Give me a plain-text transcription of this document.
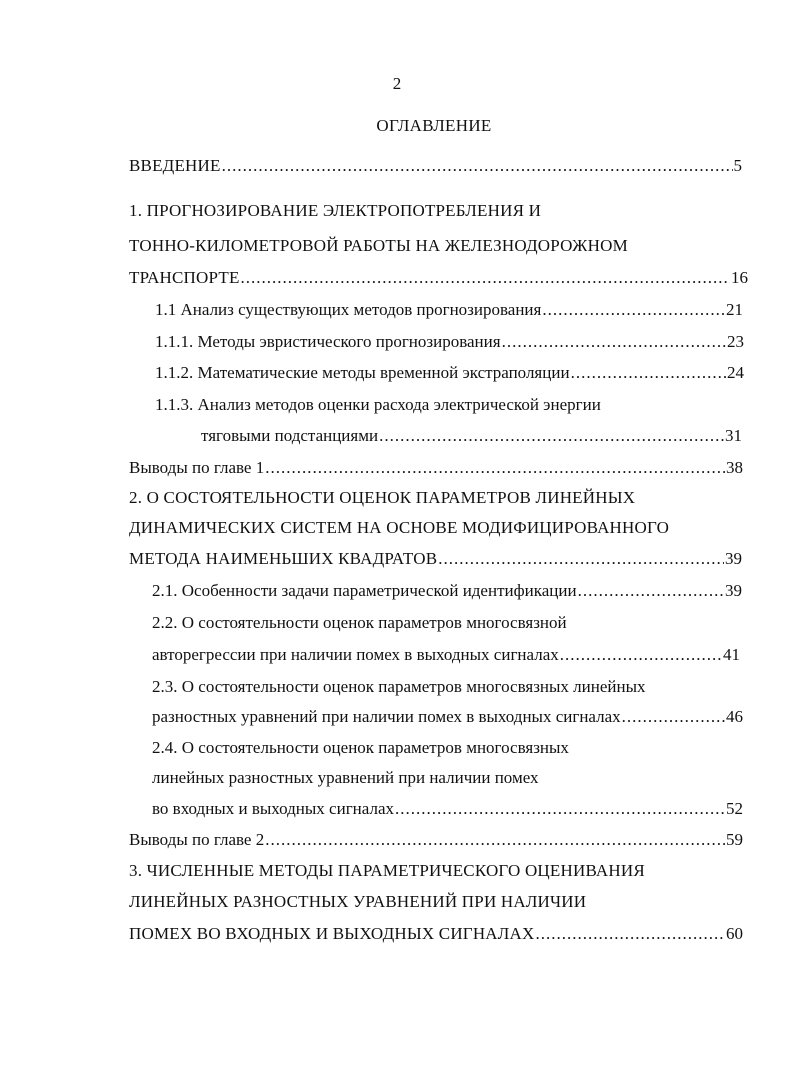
2
ОГЛАВЛЕНИЕ
ВВЕДЕНИЕ .....	5
1. ПРОГНОЗИРОВАНИЕ ЭЛЕКТРОПОТРЕБЛЕНИЯ И
ТОННО-КИЛОМЕТРОВОЙ РАБОТЫ НА ЖЕЛЕЗНОДОРОЖНОМ
ТРАНСПОРТЕ .....	16
1.1 Анализ существующих методов прогнозирования .....	21
1.1.1. Методы эвристического прогнозирования .....	23
1.1.2. Математические методы временной экстраполяции .....	24
1.1.3. Анализ методов оценки расхода электрической энергии
тяговыми подстанциями .....	31
Выводы по главе 1 .....	38
2. О СОСТОЯТЕЛЬНОСТИ ОЦЕНОК ПАРАМЕТРОВ ЛИНЕЙНЫХ
ДИНАМИЧЕСКИХ СИСТЕМ НА ОСНОВЕ МОДИФИЦИРОВАННОГО
МЕТОДА НАИМЕНЬШИХ КВАДРАТОВ .....	39
2.1. Особенности задачи параметрической идентификации .....	39
2.2. О состоятельности оценок параметров многосвязной
авторегрессии при наличии помех в выходных сигналах .....	41
2.3. О состоятельности оценок параметров многосвязных линейных
разностных уравнений при наличии помех в выходных сигналах .....	46
2.4. О состоятельности оценок параметров многосвязных
линейных разностных уравнений при наличии помех
во входных и выходных сигналах .....	52
Выводы по главе 2 .....	59
3. ЧИСЛЕННЫЕ МЕТОДЫ ПАРАМЕТРИЧЕСКОГО ОЦЕНИВАНИЯ
ЛИНЕЙНЫХ РАЗНОСТНЫХ УРАВНЕНИЙ ПРИ НАЛИЧИИ
ПОМЕХ ВО ВХОДНЫХ И ВЫХОДНЫХ СИГНАЛАХ .....	60
